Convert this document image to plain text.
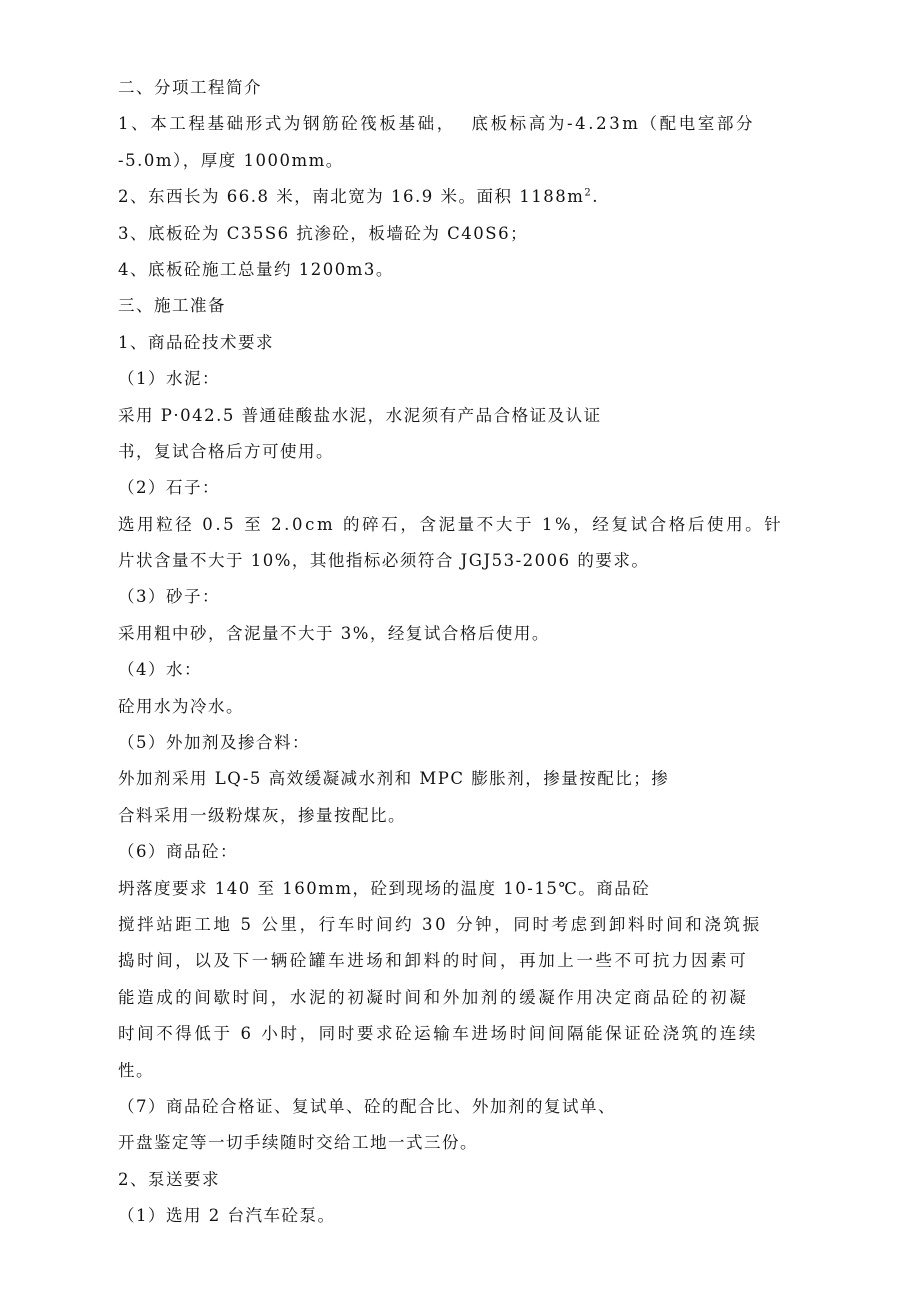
二、分项工程简介
1、本工程基础形式为钢筋砼筏板基础，  底板标高为-4.23m（配电室部分
-5.0m），厚度 1000mm。
2、东西长为 66.8 米，南北宽为 16.9 米。面积 $1188m^2$.
3、底板砼为 C35S6 抗渗砼，板墙砼为 C40S6；
4、底板砼施工总量约 1200m3。
三、施工准备
1、商品砼技术要求
（1）水泥：
采用 P·042.5 普通硅酸盐水泥，水泥须有产品合格证及认证
书，复试合格后方可使用。
（2）石子：
选用粒径 0.5 至 2.0cm 的碎石，含泥量不大于 1%，经复试合格后使用。针
片状含量不大于 10%，其他指标必须符合 JGJ53-2006 的要求。
（3）砂子：
采用粗中砂，含泥量不大于 3%，经复试合格后使用。
（4）水：
砼用水为冷水。
（5）外加剂及掺合料：
外加剂采用 LQ-5 高效缓凝减水剂和 MPC 膨胀剂，掺量按配比；掺
合料采用一级粉煤灰，掺量按配比。
（6）商品砼：
坍落度要求 140 至 160mm，砼到现场的温度 10-15℃。商品砼
搅拌站距工地 5 公里，行车时间约 30 分钟，同时考虑到卸料时间和浇筑振
捣时间，以及下一辆砼罐车进场和卸料的时间，再加上一些不可抗力因素可
能造成的间歇时间，水泥的初凝时间和外加剂的缓凝作用决定商品砼的初凝
时间不得低于 6 小时，同时要求砼运输车进场时间间隔能保证砼浇筑的连续
性。
（7）商品砼合格证、复试单、砼的配合比、外加剂的复试单、
开盘鉴定等一切手续随时交给工地一式三份。
2、泵送要求
（1）选用 2 台汽车砼泵。
